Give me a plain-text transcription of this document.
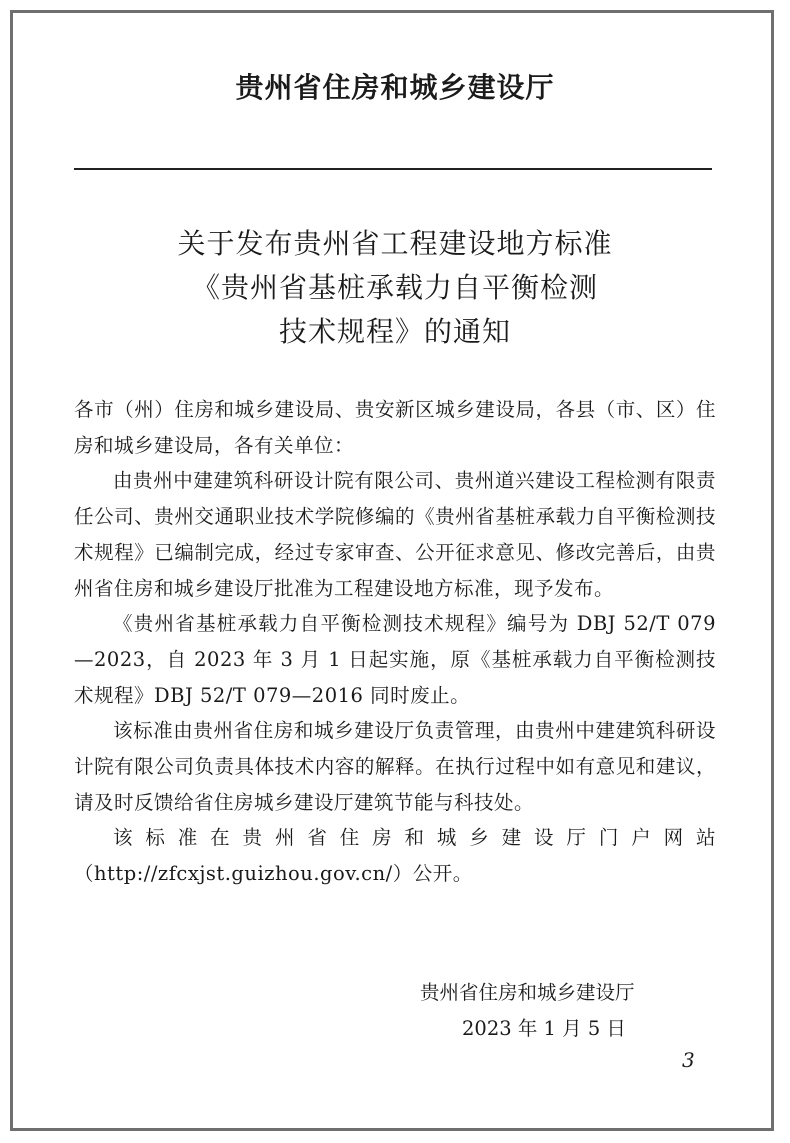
贵州省住房和城乡建设厅
关于发布贵州省工程建设地方标准
《贵州省基桩承载力自平衡检测
技术规程》的通知

各市（州）住房和城乡建设局、贵安新区城乡建设局，各县（市、区）住房和城乡建设局，各有关单位：

由贵州中建建筑科研设计院有限公司、贵州道兴建设工程检测有限责任公司、贵州交通职业技术学院修编的《贵州省基桩承载力自平衡检测技术规程》已编制完成，经过专家审查、公开征求意见、修改完善后，由贵州省住房和城乡建设厅批准为工程建设地方标准，现予发布。

《贵州省基桩承载力自平衡检测技术规程》编号为 DBJ 52/T 079—2023，自 2023 年 3 月 1 日起实施，原《基桩承载力自平衡检测技术规程》DBJ 52/T 079—2016 同时废止。

该标准由贵州省住房和城乡建设厅负责管理，由贵州中建建筑科研设计院有限公司负责具体技术内容的解释。在执行过程中如有意见和建议，请及时反馈给省住房城乡建设厅建筑节能与科技处。

该标准在贵州省住房和城乡建设厅门户网站（http://zfcxjst.guizhou.gov.cn/）公开。

贵州省住房和城乡建设厅
2023 年 1 月 5 日
3
